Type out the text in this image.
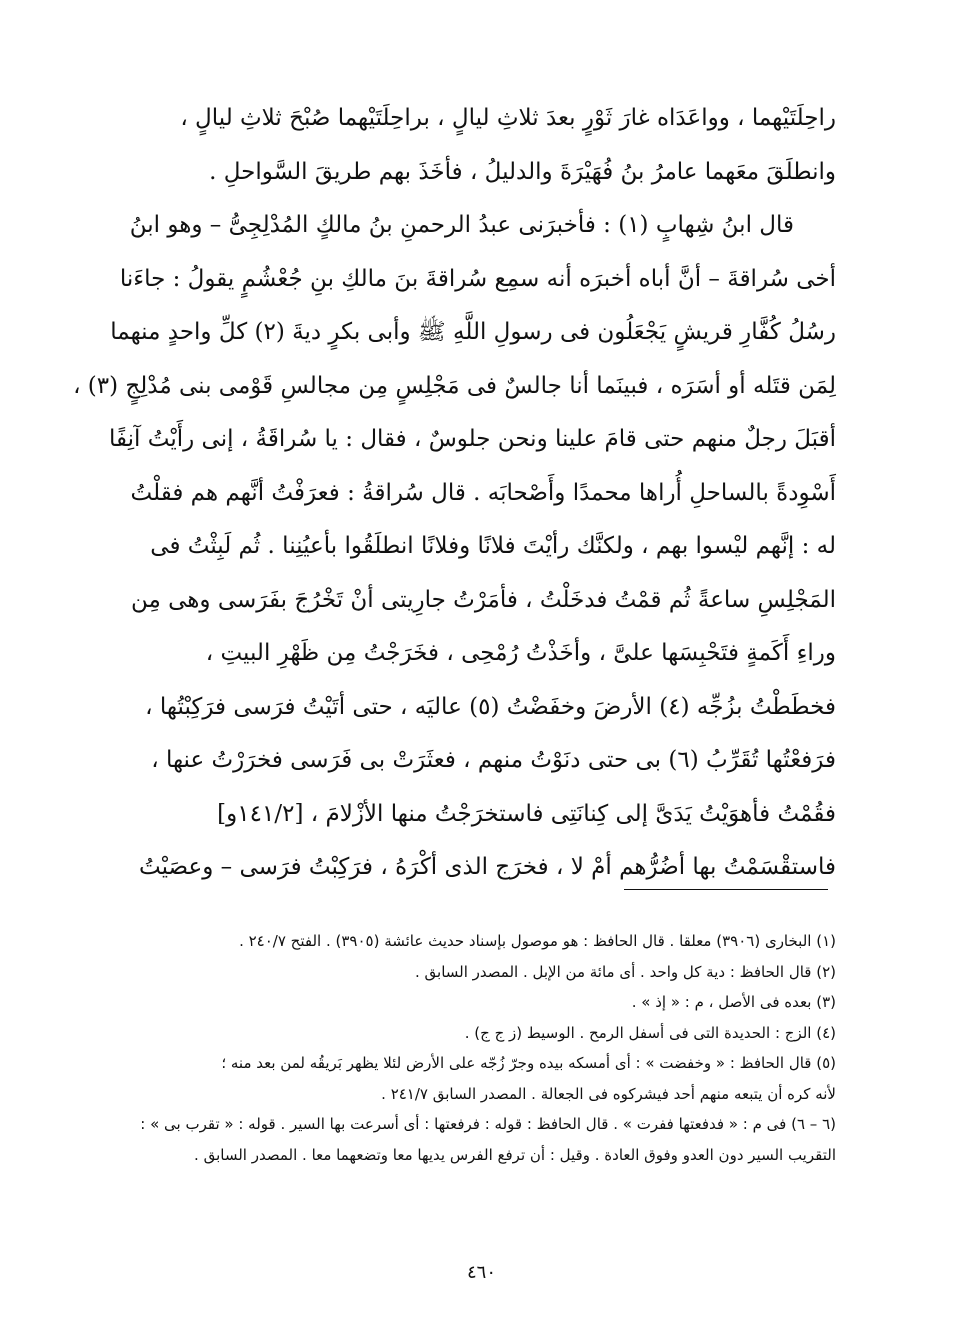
راحِلَتَيْهما ، وواعَدَاه غارَ ثَوْرٍ بعدَ ثلاثِ ليالٍ ، براحِلَتَيْهما صُبْحَ ثلاثِ ليالٍ ،
وانطلَقَ معَهما عامرُ بنُ فُهَيْرَةَ والدليلُ ، فأخَذَ بهم طريقَ السَّواحلِ .
قال ابنُ شِهابٍ (١) : فأخبرَنى عبدُ الرحمنِ بنُ مالكٍ المُدْلِجِىُّ – وهو ابنُ
أخى سُراقةَ – أنَّ أباه أخبرَه أنه سمِع سُراقةَ بنَ مالكِ بنِ جُعْشُمٍ يقولُ : جاءَنا
رسُلُ كُفَّارِ قريشٍ يَجْعَلُون فى رسولِ اللَّهِ ﷺ وأبى بكرٍ ديةَ (٢) كلِّ واحدٍ منهما
لِمَن قتَله أو أسَرَه ، فبينَما أنا جالسٌ فى مَجْلِسٍ مِن مجالسِ قَوْمى بنى مُدْلِجٍ (٣) ،
أقبَلَ رجلٌ منهم حتى قامَ علينا ونحن جلوسٌ ، فقال : يا سُراقَةُ ، إنى رأَيْتُ آنِفًا
أَسْوِدةً بالساحلِ أُراها محمدًا وأَصْحابَه . قال سُراقةُ : فعرَفْتُ أنَّهم هم فقلْتُ
له : إنَّهم ليْسوا بهم ، ولكنَّك رأيْتَ فلانًا وفلانًا انطلَقُوا بأعيُنِنا . ثُم لَبِثْتُ فى
المَجْلِسِ ساعةً ثُم قمْتُ فدخَلْتُ ، فأمَرْتُ جارِيتى أنْ تَخْرُجَ بفَرَسى وهى مِن
وراءِ أَكَمةٍ فتَحْبِسَها علىَّ ، وأخَذْتُ رُمْحِى ، فخَرَجْتُ مِن ظَهْرِ البيتِ ،
فخطَطْتُ بزُجِّه (٤) الأرضَ وخفَضْتُ (٥) عاليَه ، حتى أتَيْتُ فرَسى فرَكِبْتُها ،
فرَفعْتُها تُقَرِّبُ (٦) بى حتى دنَوْتُ منهم ، فعثَرَتْ بى فَرَسى فخرَرْتُ عنها ،
فقُمْتُ فأهوَيْتُ يَدَىَّ إلى كِنانَتِى فاستخرَجْتُ منها الأزْلامَ ، [١٤١/٢و]
فاستقْسَمْتُ بها أضُرُّهم أمْ لا ، فخرَج الذى أكْرَهُ ، فرَكِبْتُ فرَسى – وعصَيْتُ
(١) البخارى (٣٩٠٦) معلقا . قال الحافظ : هو موصول بإسناد حديث عائشة (٣٩٠٥) . الفتح ٢٤٠/٧ .
(٢) قال الحافظ : دية كل واحد . أى مائة من الإبل . المصدر السابق .
(٣) بعده فى الأصل ، م : « إذ » .
(٤) الزج : الحديدة التى فى أسفل الرمح . الوسيط (ز ج ج) .
(٥) قال الحافظ : « وخفضت » : أى أمسكه بيده وجرّ زُجّه على الأرض لئلا يظهر بَريقُه لمن بعد منه ؛
لأنه كره أن يتبعه منهم أحد فيشركوه فى الجعالة . المصدر السابق ٢٤١/٧ .
(٦ – ٦) فى م : « فدفعتها ففرت » . قال الحافظ : قوله : فرفعتها : أى أسرعت بها السير . قوله : « تقرب بى » :
التقريب السير دون العدو وفوق العادة . وقيل : أن ترفع الفرس يديها معا وتضعهما معا . المصدر السابق .
٤٦٠
